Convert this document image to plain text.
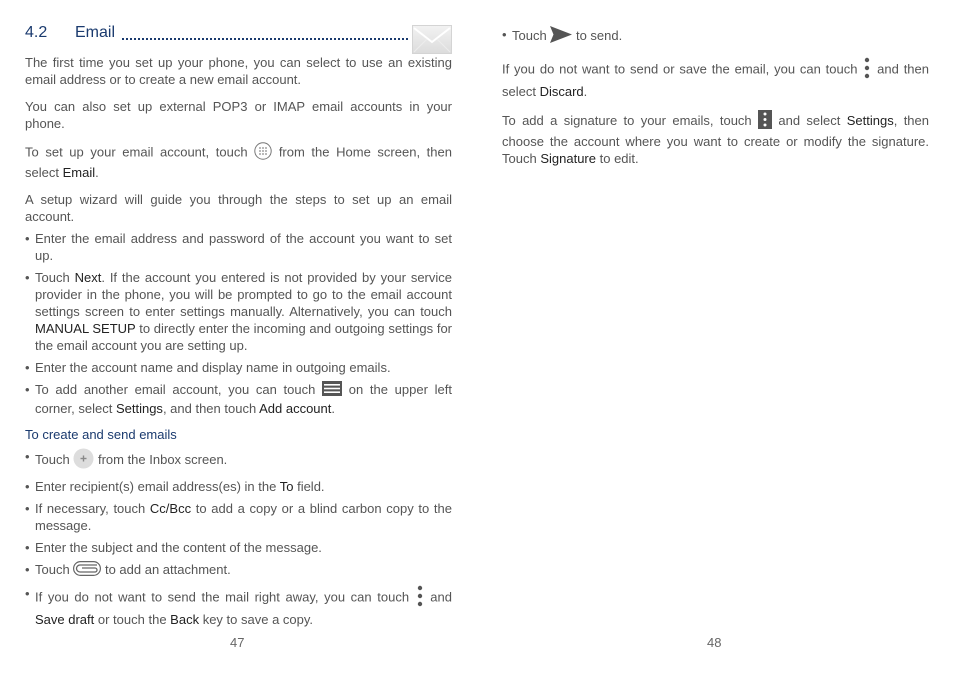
4.2 Email

The first time you set up your phone, you can select to use an existing email address or to create a new email account.

You can also set up external POP3 or IMAP email accounts in your phone.

To set up your email account, touch from the Home screen, then select Email.

A setup wizard will guide you through the steps to set up an email account.

• Enter the email address and password of the account you want to set up.
• Touch Next. If the account you entered is not provided by your service provider in the phone, you will be prompted to go to the email account settings screen to enter settings manually. Alternatively, you can touch MANUAL SETUP to directly enter the incoming and outgoing settings for the email account you are setting up.
• Enter the account name and display name in outgoing emails.
• To add another email account, you can touch	on the upper left corner, select Settings, and then touch Add account.
To create and send emails
• Touch from the Inbox screen.
• Enter recipient(s) email address(es) in the To field.
• If necessary, touch Cc/Bcc to add a copy or a blind carbon copy to the message.
• Enter the subject and the content of the message.
• Touch	to add an attachment.
• If you do not want to send the mail right away, you can touch and Save draft or touch the Back key to save a copy.
47
• Touch to send.

If you do not want to send or save the email, you can touch and then select Discard.

To add a signature to your emails, touch and select Settings, then choose the account where you want to create or modify the signature. Touch Signature to edit.

48
